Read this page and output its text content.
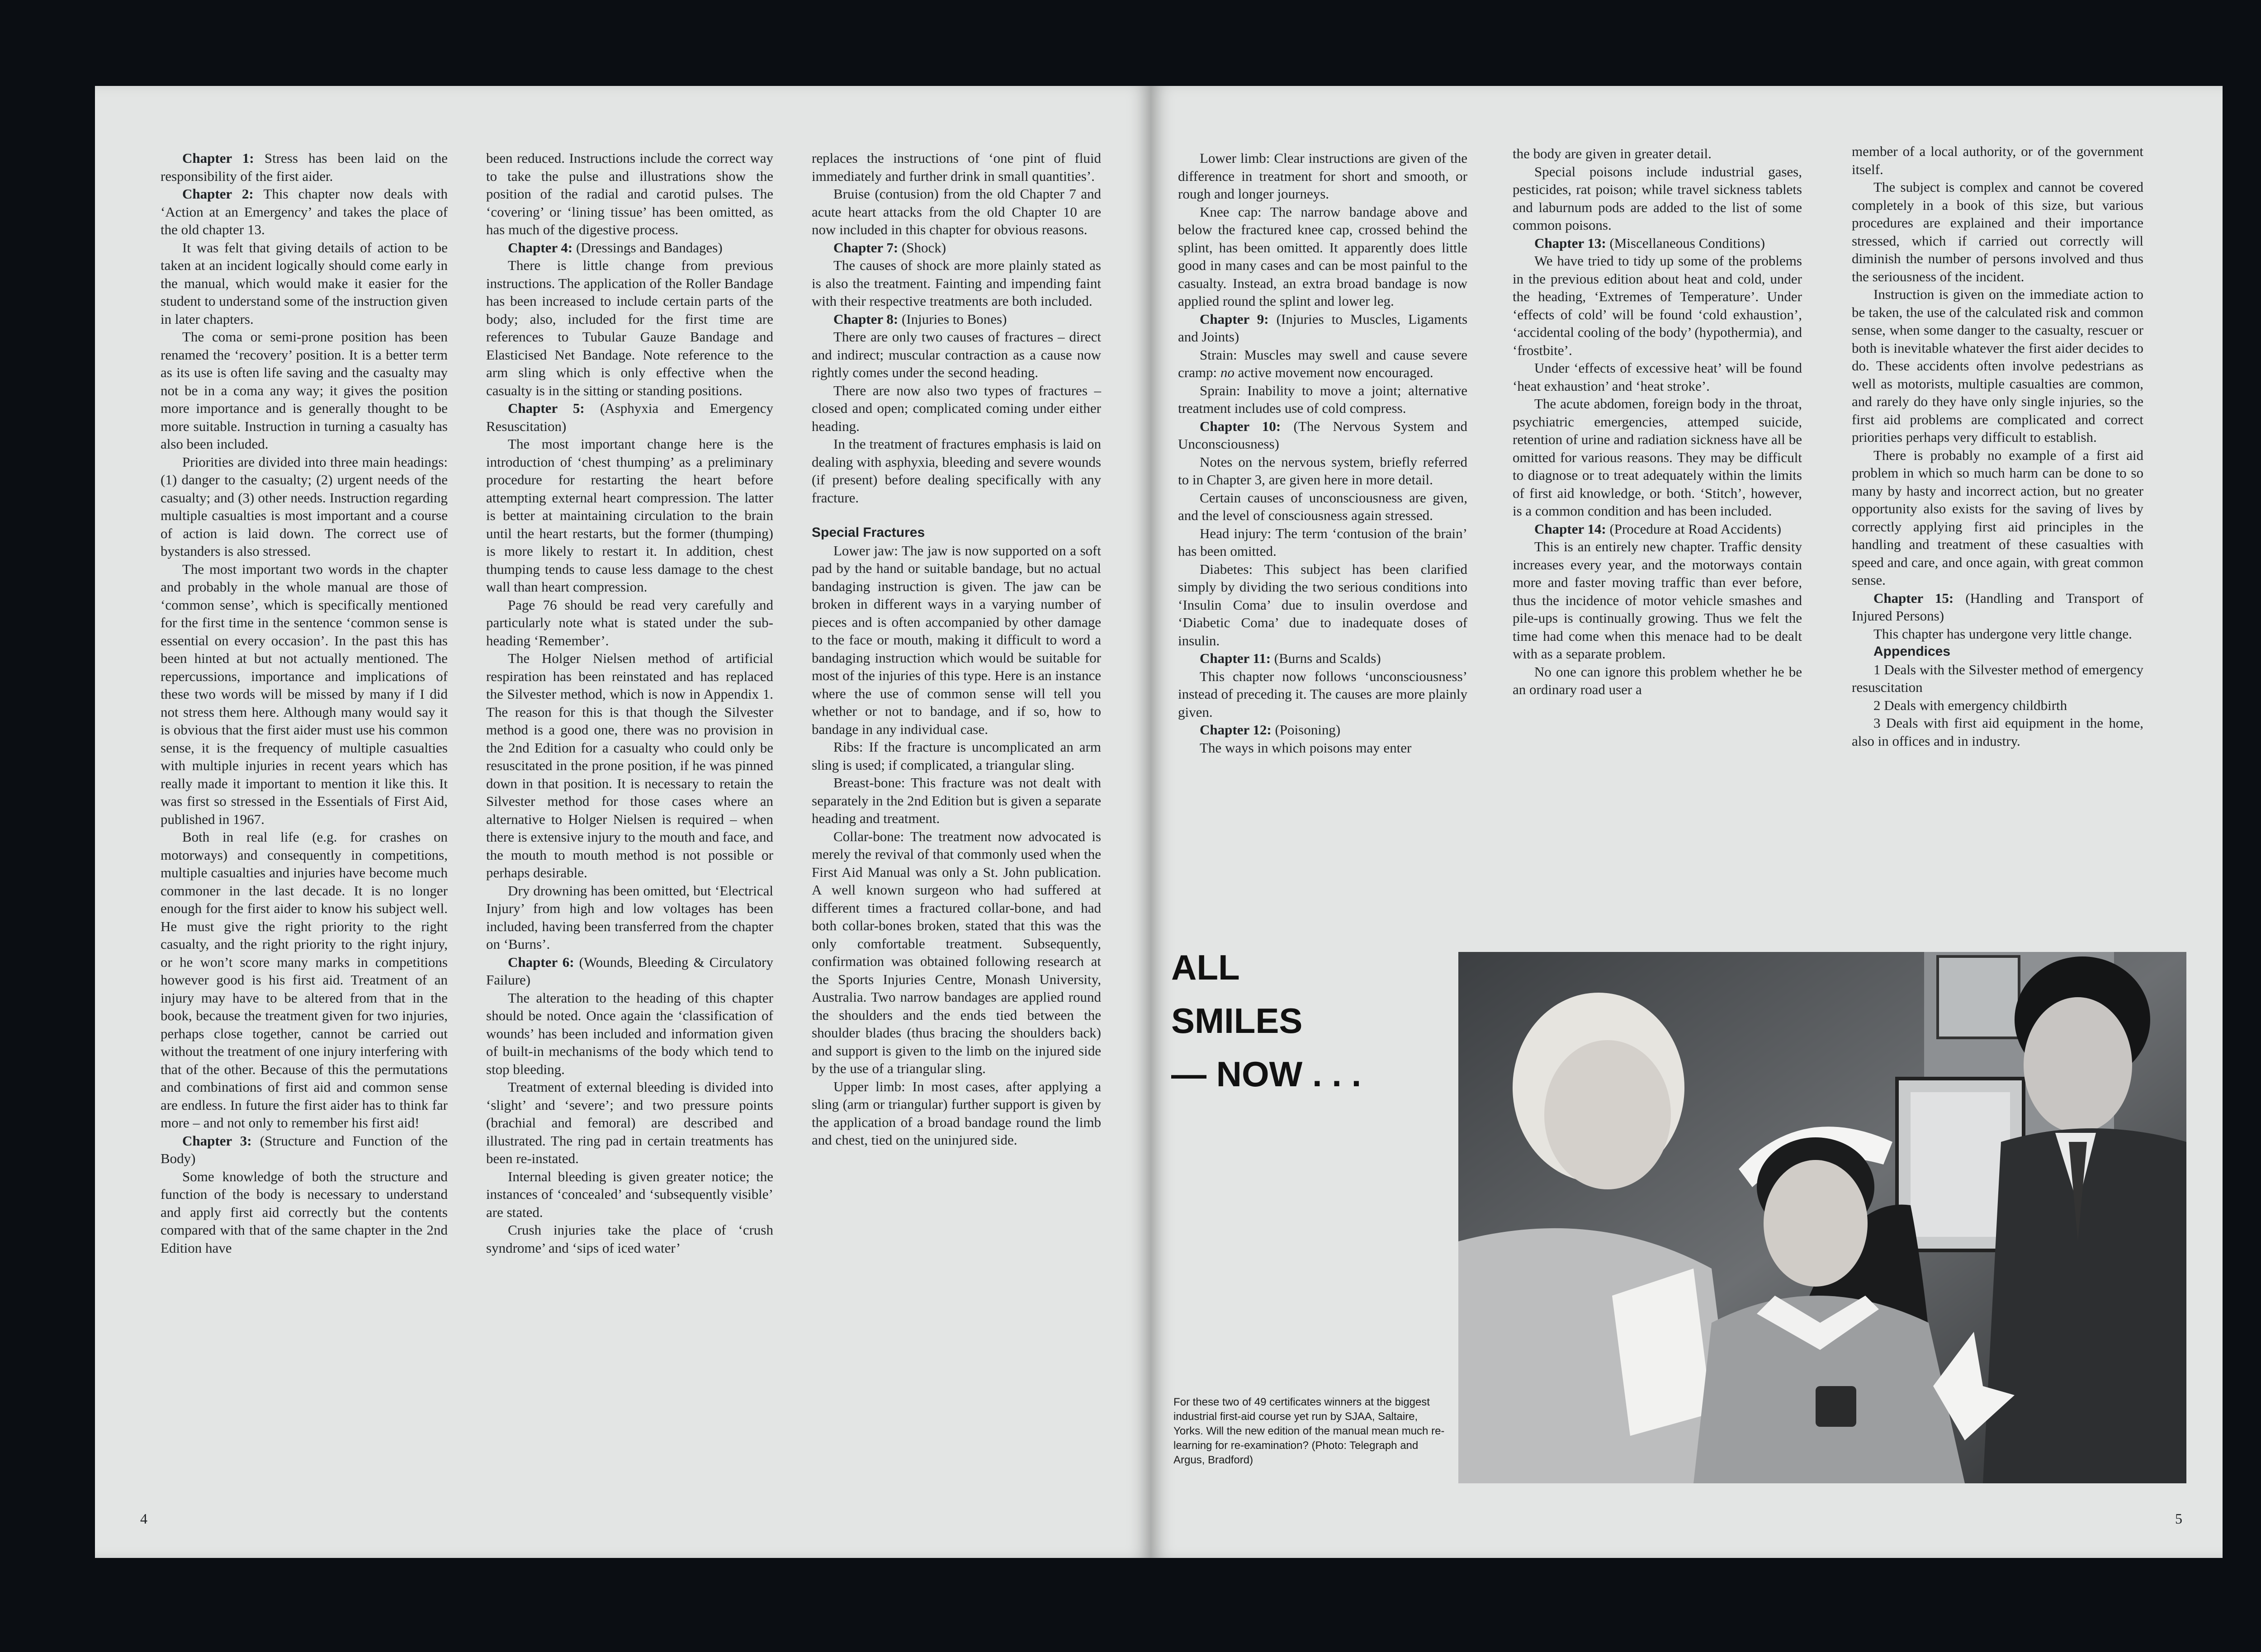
Chapter 1: Stress has been laid on the responsibility of the first aider.

Chapter 2: This chapter now deals with ‘Action at an Emergency’ and takes the place of the old chapter 13.

It was felt that giving details of action to be taken at an incident logically should come early in the manual, which would make it easier for the student to understand some of the instruction given in later chapters.

The coma or semi-prone position has been renamed the ‘recovery’ position. It is a better term as its use is often life saving and the casualty may not be in a coma any way; it gives the position more importance and is generally thought to be more suitable. Instruction in turning a casualty has also been included.

Priorities are divided into three main headings: (1) danger to the casualty; (2) urgent needs of the casualty; and (3) other needs. Instruction regarding multiple casualties is most important and a course of action is laid down. The correct use of bystanders is also stressed.

The most important two words in the chapter and probably in the whole manual are those of ‘common sense’, which is specifically mentioned for the first time in the sentence ‘common sense is essential on every occasion’. In the past this has been hinted at but not actually mentioned. The repercussions, importance and implications of these two words will be missed by many if I did not stress them here. Although many would say it is obvious that the first aider must use his common sense, it is the frequency of multiple casualties with multiple injuries in recent years which has really made it important to mention it like this. It was first so stressed in the Essentials of First Aid, published in 1967.

Both in real life (e.g. for crashes on motorways) and consequently in competitions, multiple casualties and injuries have become much commoner in the last decade. It is no longer enough for the first aider to know his subject well. He must give the right priority to the right casualty, and the right priority to the right injury, or he won’t score many marks in competitions however good is his first aid. Treatment of an injury may have to be altered from that in the book, because the treatment given for two injuries, perhaps close together, cannot be carried out without the treatment of one injury interfering with that of the other. Because of this the permutations and combinations of first aid and common sense are endless. In future the first aider has to think far more – and not only to remember his first aid!

Chapter 3: (Structure and Function of the Body)

Some knowledge of both the structure and function of the body is necessary to understand and apply first aid correctly but the contents compared with that of the same chapter in the 2nd Edition have

been reduced. Instructions include the correct way to take the pulse and illustrations show the position of the radial and carotid pulses. The ‘covering’ or ‘lining tissue’ has been omitted, as has much of the digestive process.

Chapter 4: (Dressings and Bandages)

There is little change from previous instructions. The application of the Roller Bandage has been increased to include certain parts of the body; also, included for the first time are references to Tubular Gauze Bandage and Elasticised Net Bandage. Note reference to the arm sling which is only effective when the casualty is in the sitting or standing positions.

Chapter 5: (Asphyxia and Emergency Resuscitation)

The most important change here is the introduction of ‘chest thumping’ as a preliminary procedure for restarting the heart before attempting external heart compression. The latter is better at maintaining circulation to the brain until the heart restarts, but the former (thumping) is more likely to restart it. In addition, chest thumping tends to cause less damage to the chest wall than heart compression.

Page 76 should be read very carefully and particularly note what is stated under the sub-heading ‘Remember’.

The Holger Nielsen method of artificial respiration has been reinstated and has replaced the Silvester method, which is now in Appendix 1. The reason for this is that though the Silvester method is a good one, there was no provision in the 2nd Edition for a casualty who could only be resuscitated in the prone position, if he was pinned down in that position. It is necessary to retain the Silvester method for those cases where an alternative to Holger Nielsen is required – when there is extensive injury to the mouth and face, and the mouth to mouth method is not possible or perhaps desirable.

Dry drowning has been omitted, but ‘Electrical Injury’ from high and low voltages has been included, having been transferred from the chapter on ‘Burns’.

Chapter 6: (Wounds, Bleeding & Circulatory Failure)

The alteration to the heading of this chapter should be noted. Once again the ‘classification of wounds’ has been included and information given of built-in mechanisms of the body which tend to stop bleeding.

Treatment of external bleeding is divided into ‘slight’ and ‘severe’; and two pressure points (brachial and femoral) are described and illustrated. The ring pad in certain treatments has been re-instated.

Internal bleeding is given greater notice; the instances of ‘concealed’ and ‘subsequently visible’ are stated.

Crush injuries take the place of ‘crush syndrome’ and ‘sips of iced water’

replaces the instructions of ‘one pint of fluid immediately and further drink in small quantities’.

Bruise (contusion) from the old Chapter 7 and acute heart attacks from the old Chapter 10 are now included in this chapter for obvious reasons.

Chapter 7: (Shock)

The causes of shock are more plainly stated as is also the treatment. Fainting and impending faint with their respective treatments are both included.

Chapter 8: (Injuries to Bones)

There are only two causes of fractures – direct and indirect; muscular contraction as a cause now rightly comes under the second heading.

There are now also two types of fractures – closed and open; complicated coming under either heading.

In the treatment of fractures emphasis is laid on dealing with asphyxia, bleeding and severe wounds (if present) before dealing specifically with any fracture.

Special Fractures

Lower jaw: The jaw is now supported on a soft pad by the hand or suitable bandage, but no actual bandaging instruction is given. The jaw can be broken in different ways in a varying number of pieces and is often accompanied by other damage to the face or mouth, making it difficult to word a bandaging instruction which would be suitable for most of the injuries of this type. Here is an instance where the use of common sense will tell you whether or not to bandage, and if so, how to bandage in any individual case.

Ribs: If the fracture is uncomplicated an arm sling is used; if complicated, a triangular sling.

Breast-bone: This fracture was not dealt with separately in the 2nd Edition but is given a separate heading and treatment.

Collar-bone: The treatment now advocated is merely the revival of that commonly used when the First Aid Manual was only a St. John publication. A well known surgeon who had suffered at different times a fractured collar-bone, and had both collar-bones broken, stated that this was the only comfortable treatment. Subsequently, confirmation was obtained following research at the Sports Injuries Centre, Monash University, Australia. Two narrow bandages are applied round the shoulders and the ends tied between the shoulder blades (thus bracing the shoulders back) and support is given to the limb on the injured side by the use of a triangular sling.

Upper limb: In most cases, after applying a sling (arm or triangular) further support is given by the application of a broad bandage round the limb and chest, tied on the uninjured side.

4

Lower limb: Clear instructions are given of the difference in treatment for short and smooth, or rough and longer journeys.

Knee cap: The narrow bandage above and below the fractured knee cap, crossed behind the splint, has been omitted. It apparently does little good in many cases and can be most painful to the casualty. Instead, an extra broad bandage is now applied round the splint and lower leg.

Chapter 9: (Injuries to Muscles, Ligaments and Joints)

Strain: Muscles may swell and cause severe cramp: no active movement now encouraged.

Sprain: Inability to move a joint; alternative treatment includes use of cold compress.

Chapter 10: (The Nervous System and Unconsciousness)

Notes on the nervous system, briefly referred to in Chapter 3, are given here in more detail.

Certain causes of unconsciousness are given, and the level of consciousness again stressed.

Head injury: The term ‘contusion of the brain’ has been omitted.

Diabetes: This subject has been clarified simply by dividing the two serious conditions into ‘Insulin Coma’ due to insulin overdose and ‘Diabetic Coma’ due to inadequate doses of insulin.

Chapter 11: (Burns and Scalds)

This chapter now follows ‘unconsciousness’ instead of preceding it. The causes are more plainly given.

Chapter 12: (Poisoning)

The ways in which poisons may enter

the body are given in greater detail.

Special poisons include industrial gases, pesticides, rat poison; while travel sickness tablets and laburnum pods are added to the list of some common poisons.

Chapter 13: (Miscellaneous Conditions)

We have tried to tidy up some of the problems in the previous edition about heat and cold, under the heading, ‘Extremes of Temperature’. Under ‘effects of cold’ will be found ‘cold exhaustion’, ‘accidental cooling of the body’ (hypothermia), and ‘frostbite’.

Under ‘effects of excessive heat’ will be found ‘heat exhaustion’ and ‘heat stroke’.

The acute abdomen, foreign body in the throat, psychiatric emergencies, attemped suicide, retention of urine and radiation sickness have all be omitted for various reasons. They may be difficult to diagnose or to treat adequately within the limits of first aid knowledge, or both. ‘Stitch’, however, is a common condition and has been included.

Chapter 14: (Procedure at Road Accidents)

This is an entirely new chapter. Traffic density increases every year, and the motorways contain more and faster moving traffic than ever before, thus the incidence of motor vehicle smashes and pile-ups is continually growing. Thus we felt the time had come when this menace had to be dealt with as a separate problem.

No one can ignore this problem whether he be an ordinary road user a

member of a local authority, or of the government itself.

The subject is complex and cannot be covered completely in a book of this size, but various procedures are explained and their importance stressed, which if carried out correctly will diminish the number of persons involved and thus the seriousness of the incident.

Instruction is given on the immediate action to be taken, the use of the calculated risk and common sense, when some danger to the casualty, rescuer or both is inevitable whatever the first aider decides to do. These accidents often involve pedestrians as well as motorists, multiple casualties are common, and rarely do they have only single injuries, so the first aid problems are complicated and correct priorities perhaps very difficult to establish.

There is probably no example of a first aid problem in which so much harm can be done to so many by hasty and incorrect action, but no greater opportunity also exists for the saving of lives by correctly applying first aid principles in the handling and treatment of these casualties with speed and care, and once again, with great common sense.

Chapter 15: (Handling and Transport of Injured Persons)

This chapter has undergone very little change.

Appendices

1 Deals with the Silvester method of emergency resuscitation

2 Deals with emergency childbirth

3 Deals with first aid equipment in the home, also in offices and in industry.

5
ALL
SMILES
— NOW . . .
For these two of 49 certificates winners at the biggest industrial first-aid course yet run by SJAA, Saltaire, Yorks. Will the new edition of the manual mean much re-learning for re-examination? (Photo: Telegraph and Argus, Bradford)
